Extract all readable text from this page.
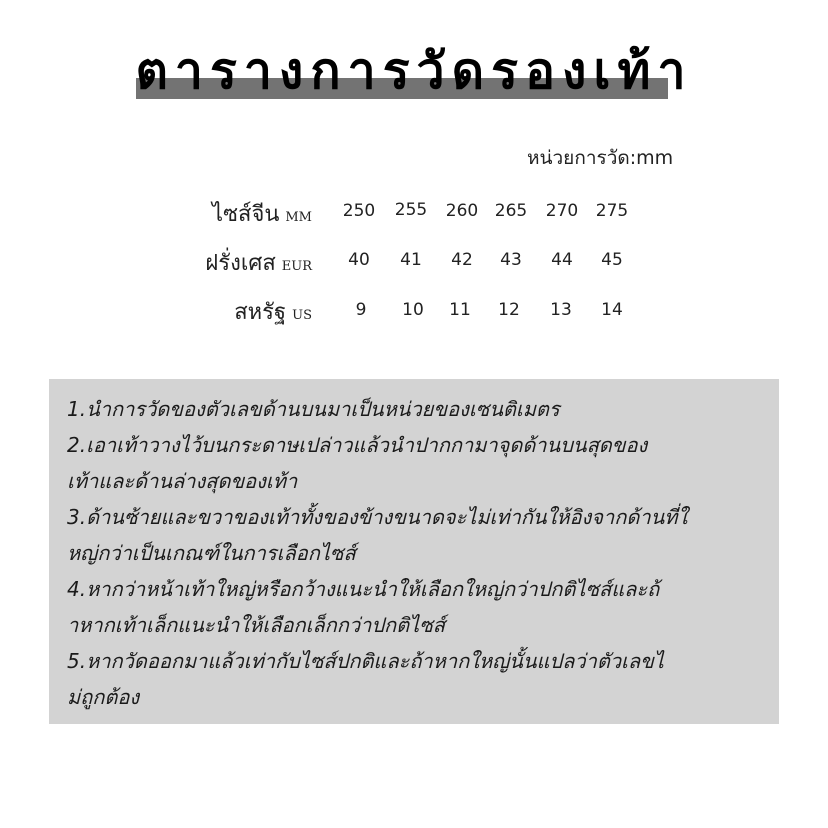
ตารางการวัดรองเท้า
หน่วยการวัด:mm
ไซส์จีน MM 250 255 260 265 270 275
ฝรั่งเศส EUR	40	41	42	43	44	45
สหรัฐ US	9	10	11	12	13	14
1.นำการวัดของตัวเลขด้านบนมาเป็นหน่วยของเซนติเมตร
2.เอาเท้าวางไว้บนกระดาษเปล่าวแล้วนำปากกามาจุดด้านบนสุดของ
เท้าและด้านล่างสุดของเท้า
3.ด้านซ้ายและขวาของเท้าทั้งของข้างขนาดจะไม่เท่ากันให้อิงจากด้านที่ใ
หญ่กว่าเป็นเกณฑ์ในการเลือกไซส์
4.หากว่าหน้าเท้าใหญ่หรือกว้างแนะนำให้เลือกใหญ่กว่าปกติไซส์และถ้
าหากเท้าเล็กแนะนำให้เลือกเล็กกว่าปกติไซส์
5.หากวัดออกมาแล้วเท่ากับไซส์ปกติและถ้าหากใหญ่นั้นแปลว่าตัวเลขไ
ม่ถูกต้อง
